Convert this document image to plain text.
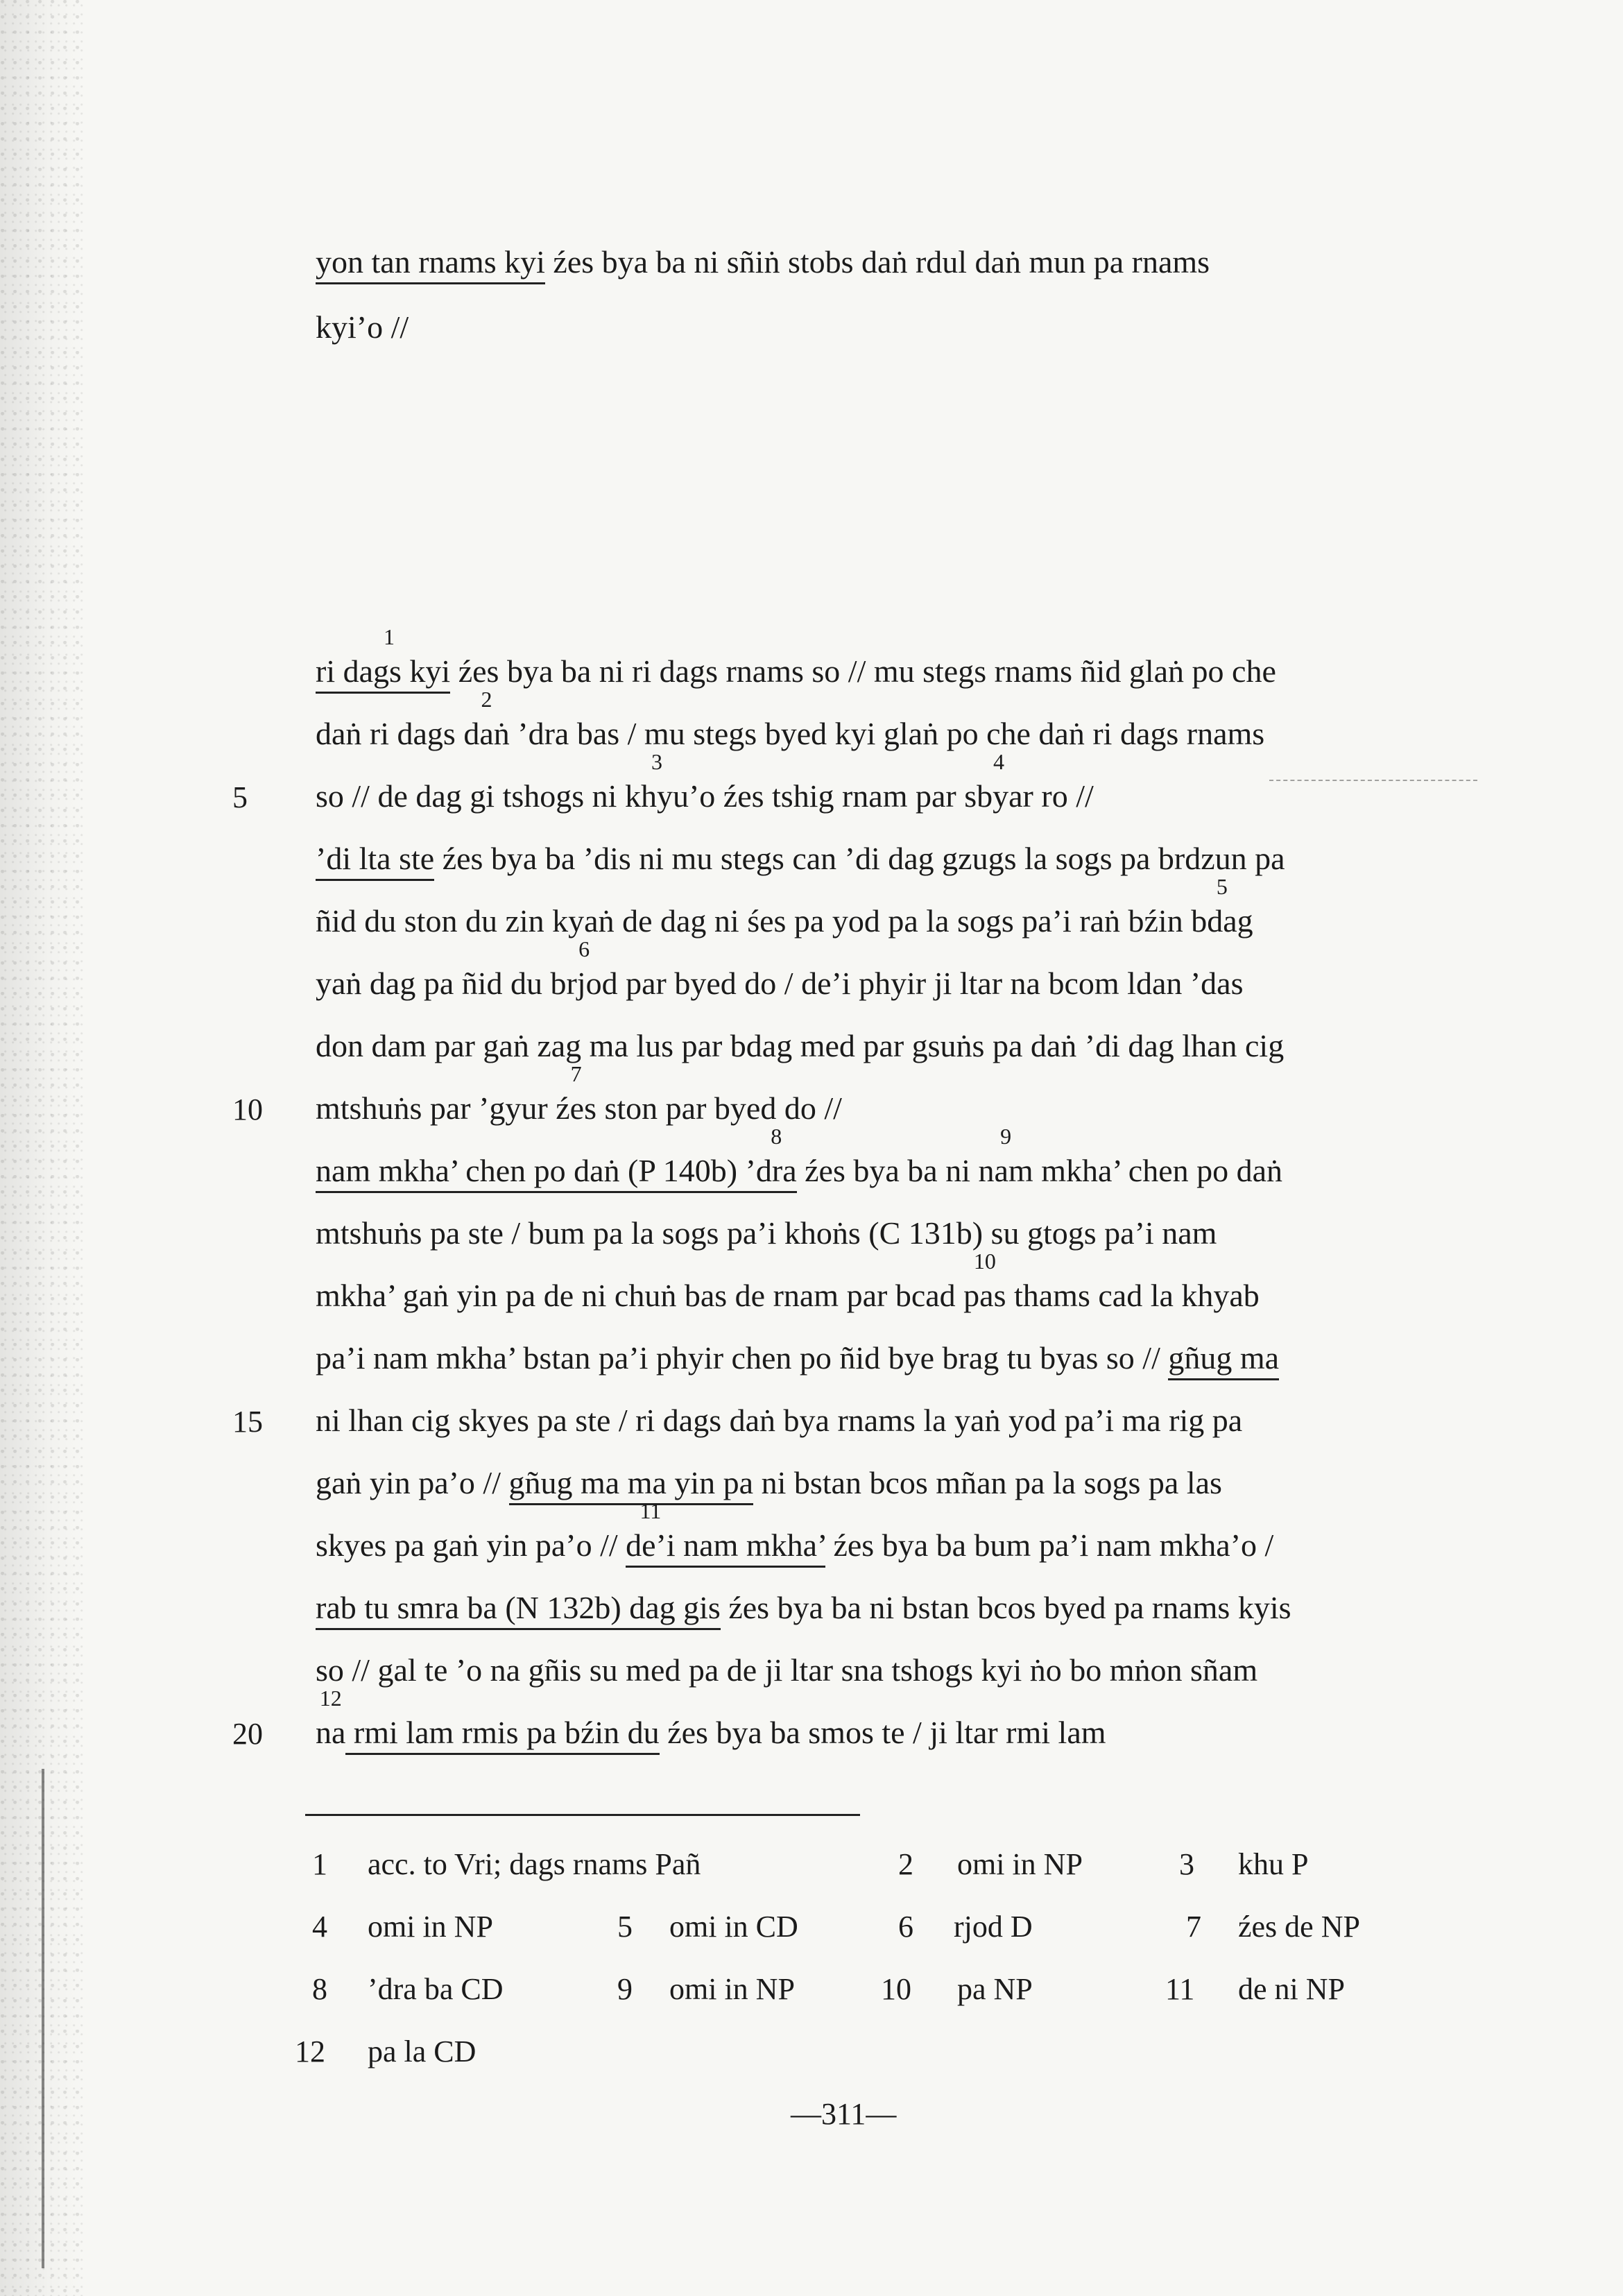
yon tan rnams kyi źes bya ba ni sñiṅ stobs daṅ rdul daṅ mun pa rnams
kyi’o //
ri dag
1
s kyi źes bya ba ni ri dags rnams so // mu stegs rnams ñid glaṅ po che
daṅ ri dags daṅ
2
’dra bas / mu stegs byed kyi glaṅ po che daṅ ri dags rnams
5 so // de dag gi tshogs ni khyu
3
’o źes tshig rnam par sbyar
4
ro //
’di lta ste źes bya ba ’dis ni mu stegs can ’di dag gzugs la sogs pa brdzun pa
ñid du ston du zin kyaṅ de dag ni śes pa yod pa la sogs pa’i raṅ bźin bdag
5
yaṅ dag pa ñid du brjod
6
par byed do / de’i phyir ji ltar na bcom ldan ’das
don dam par gaṅ zag ma lus par bdag med par gsuṅs pa daṅ ’di dag lhan cig
10 mtshuṅs par ’gyur źes
7
ston par byed do //
nam mkha’ chen po daṅ (P 140b) ’dra
8
źes bya ba ni nam
9
mkha’ chen po daṅ
mtshuṅs pa ste / bum pa la sogs pa’i khoṅs (C 131b) su gtogs pa’i nam
mkha’ gaṅ yin pa de ni chuṅ bas de rnam par bcad pas
10
thams cad la khyab
pa’i nam mkha’ bstan pa’i phyir chen po ñid bye brag tu byas so // gñug ma
15 ni lhan cig skyes pa ste / ri dags daṅ bya rnams la yaṅ yod pa’i ma rig pa
gaṅ yin pa’o // gñug ma ma yin pa ni bstan bcos mñan pa la sogs pa las
skyes pa gaṅ yin pa’o // de’i
11
nam mkha’ źes bya ba bum pa’i nam mkha’o /
rab tu smra ba (N 132b) dag gis źes bya ba ni bstan bcos byed pa rnams kyis
so // gal te ’o na gñis su med pa de ji ltar sna tshogs kyi ṅo bo mṅon sñam
20 na
12
rmi lam rmis pa bźin du źes bya ba smos te / ji ltar rmi lam
1 acc. to Vri; dags rnams Pañ	2 omi in NP	3 khu P
4 omi in NP	5 omi in CD	6 rjod D	7 źes de NP
8 ’dra ba CD	9 omi in NP	10 pa NP	11 de ni NP
12 pa la CD
—311—
